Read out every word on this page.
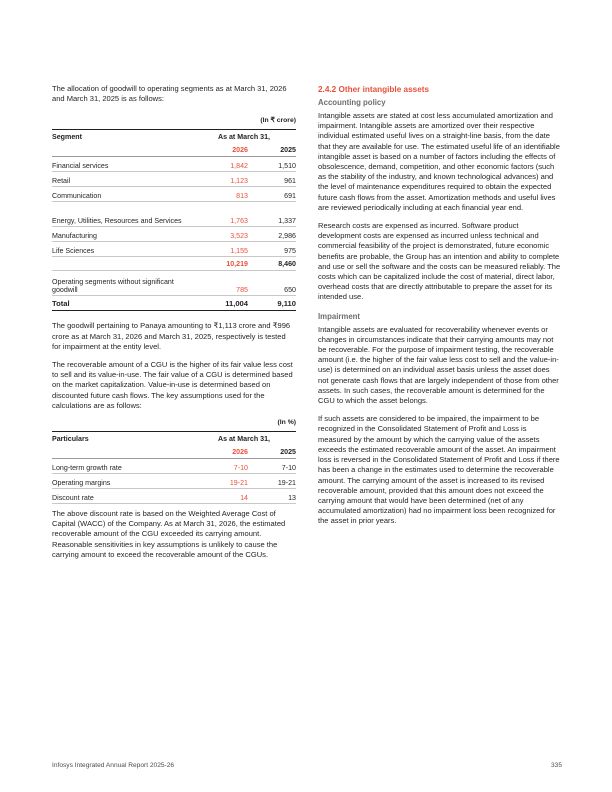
The allocation of goodwill to operating segments as at March 31, 2026 and March 31, 2025 is as follows:

(In ₹ crore)
Segment	As at March 31,	
	2026	2025
Financial services	1,842	1,510
Retail	1,123	961
Communication	813	691
Energy, Utilities, Resources and Services	1,763	1,337
Manufacturing	3,523	2,986
Life Sciences	1,155	975
	10,219	8,460
Operating segments without significant goodwill	785	650
Total	11,004	9,110

The goodwill pertaining to Panaya amounting to ₹1,113 crore and ₹996 crore as at March 31, 2026 and March 31, 2025, respectively is tested for impairment at the entity level.

The recoverable amount of a CGU is the higher of its fair value less cost to sell and its value-in-use. The fair value of a CGU is determined based on the market capitalization. Value-in-use is determined based on discounted future cash flows. The key assumptions used for the calculations are as follows:

(In %)
Particulars	As at March 31,	
	2026	2025
Long-term growth rate	7-10	7-10
Operating margins	19-21	19-21
Discount rate	14	13

The above discount rate is based on the Weighted Average Cost of Capital (WACC) of the Company. As at March 31, 2026, the estimated recoverable amount of the CGU exceeded its carrying amount. Reasonable sensitivities in key assumptions is unlikely to cause the carrying amount to exceed the recoverable amount of the CGUs.

2.4.2 Other intangible assets
Accounting policy

Intangible assets are stated at cost less accumulated amortization and impairment. Intangible assets are amortized over their respective individual estimated useful lives on a straight-line basis, from the date that they are available for use. The estimated useful life of an identifiable intangible asset is based on a number of factors including the effects of obsolescence, demand, competition, and other economic factors (such as the stability of the industry, and known technological advances) and the level of maintenance expenditures required to obtain the expected future cash flows from the asset. Amortization methods and useful lives are reviewed periodically including at each financial year end.

Research costs are expensed as incurred. Software product development costs are expensed as incurred unless technical and commercial feasibility of the project is demonstrated, future economic benefits are probable, the Group has an intention and ability to complete and use or sell the software and the costs can be measured reliably. The costs which can be capitalized include the cost of material, direct labor, overhead costs that are directly attributable to prepare the asset for its intended use.

Impairment

Intangible assets are evaluated for recoverability whenever events or changes in circumstances indicate that their carrying amounts may not be recoverable. For the purpose of impairment testing, the recoverable amount (i.e. the higher of the fair value less cost to sell and the value-in-use) is determined on an individual asset basis unless the asset does not generate cash flows that are largely independent of those from other assets. In such cases, the recoverable amount is determined for the CGU to which the asset belongs.

If such assets are considered to be impaired, the impairment to be recognized in the Consolidated Statement of Profit and Loss is measured by the amount by which the carrying value of the assets exceeds the estimated recoverable amount of the asset. An impairment loss is reversed in the Consolidated Statement of Profit and Loss if there has been a change in the estimates used to determine the recoverable amount. The carrying amount of the asset is increased to its revised recoverable amount, provided that this amount does not exceed the carrying amount that would have been determined (net of any accumulated amortization) had no impairment loss been recognized for the asset in prior years.

Infosys Integrated Annual Report 2025-26	335
